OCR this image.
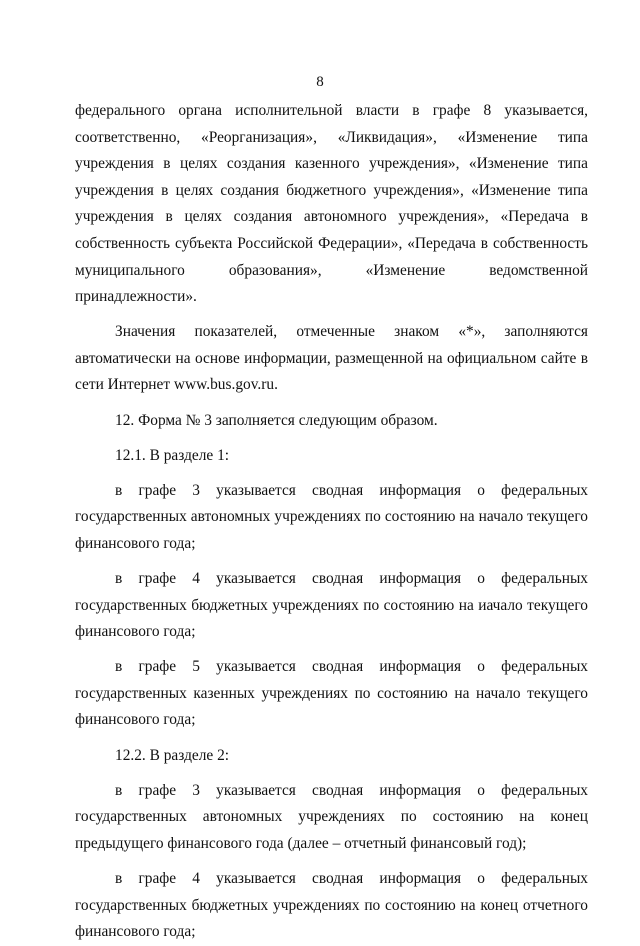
8

федерального органа исполнительной власти в графе 8 указывается, соответственно, «Реорганизация», «Ликвидация», «Изменение типа учреждения в целях создания казенного учреждения», «Изменение типа учреждения в целях создания бюджетного учреждения», «Изменение типа учреждения в целях создания автономного учреждения», «Передача в собственность субъекта Российской Федерации», «Передача в собственность муниципального образования», «Изменение ведомственной принадлежности».

Значения показателей, отмеченные знаком «*», заполняются автоматически на основе информации, размещенной на официальном сайте в сети Интернет www.bus.gov.ru.

12. Форма № 3 заполняется следующим образом.

12.1. В разделе 1:

в графе 3 указывается сводная информация о федеральных государственных автономных учреждениях по состоянию на начало текущего финансового года;

в графе 4 указывается сводная информация о федеральных государственных бюджетных учреждениях по состоянию на иачало текущего финансового года;

в графе 5 указывается сводная информация о федеральных государственных казенных учреждениях по состоянию на начало текущего финансового года;

12.2. В разделе 2:

в графе 3 указывается сводная информация о федеральных государственных автономных учреждениях по состоянию на конец предыдущего финансового года (далее – отчетный финансовый год);

в графе 4 указывается сводная информация о федеральных государственных бюджетных учреждениях по состоянию на конец отчетного финансового года;
